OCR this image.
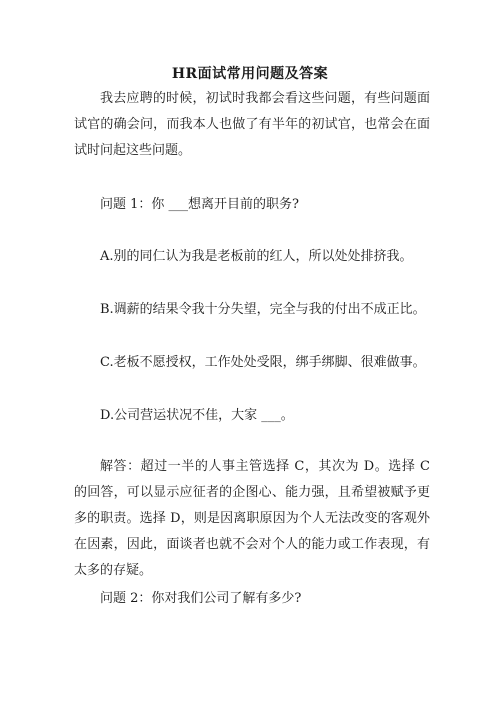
HR面试常用问题及答案

我去应聘的时候，初试时我都会看这些问题，有些问题面试官的确会问，而我本人也做了有半年的初试官，也常会在面试时问起这些问题。

问题 1：你 ___想离开目前的职务?

A.别的同仁认为我是老板前的红人，所以处处排挤我。

B.调薪的结果令我十分失望，完全与我的付出不成正比。

C.老板不愿授权，工作处处受限，绑手绑脚、很难做事。

D.公司营运状况不佳，大家 ___。

解答：超过一半的人事主管选择 C，其次为 D。选择 C 的回答，可以显示应征者的企图心、能力强，且希望被赋予更多的职责。选择 D，则是因离职原因为个人无法改变的客观外在因素，因此，面谈者也就不会对个人的能力或工作表现，有太多的存疑。

问题 2：你对我们公司了解有多少?
